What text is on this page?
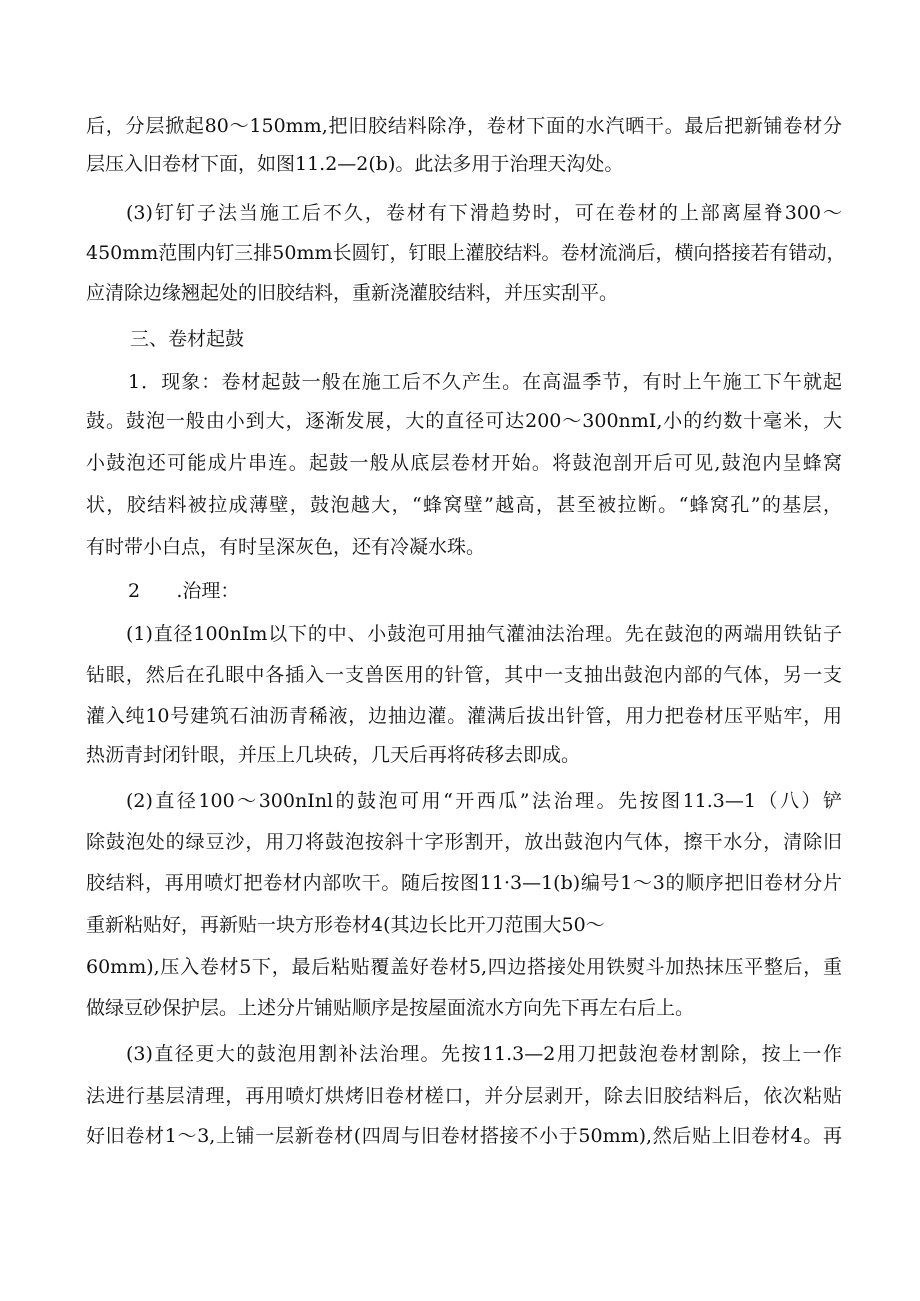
后，分层掀起80～150mm,把旧胶结料除净，卷材下面的水汽晒干。最后把新铺卷材分
层压入旧卷材下面，如图11.2—2(b)。此法多用于治理天沟处。
(3)钉钉子法当施工后不久，卷材有下滑趋势时，可在卷材的上部离屋脊300～
450mm范围内钉三排50mm长圆钉，钉眼上灌胶结料。卷材流淌后，横向搭接若有错动，
应清除边缘翘起处的旧胶结料，重新浇灌胶结料，并压实刮平。
三、卷材起鼓
1．现象：卷材起鼓一般在施工后不久产生。在高温季节，有时上午施工下午就起
鼓。鼓泡一般由小到大，逐渐发展，大的直径可达200～300nmI,小的约数十毫米，大
小鼓泡还可能成片串连。起鼓一般从底层卷材开始。将鼓泡剖开后可见,鼓泡内呈蜂窝
状，胶结料被拉成薄壁，鼓泡越大，“蜂窝壁”越高，甚至被拉断。“蜂窝孔”的基层，
有时带小白点，有时呈深灰色，还有冷凝水珠。
2      .治理：
(1)直径100nIm以下的中、小鼓泡可用抽气灌油法治理。先在鼓泡的两端用铁钻子
钻眼，然后在孔眼中各插入一支兽医用的针管，其中一支抽出鼓泡内部的气体，另一支
灌入纯10号建筑石油沥青稀液，边抽边灌。灌满后拔出针管，用力把卷材压平贴牢，用
热沥青封闭针眼，并压上几块砖，几天后再将砖移去即成。
(2)直径100～300nInl的鼓泡可用“开西瓜”法治理。先按图11.3—1（八）铲
除鼓泡处的绿豆沙，用刀将鼓泡按斜十字形割开，放出鼓泡内气体，擦干水分，清除旧
胶结料，再用喷灯把卷材内部吹干。随后按图11·3—1(b)编号1～3的顺序把旧卷材分片
重新粘贴好，再新贴一块方形卷材4(其边长比开刀范围大50～
60mm),压入卷材5下，最后粘贴覆盖好卷材5,四边搭接处用铁熨斗加热抹压平整后，重
做绿豆砂保护层。上述分片铺贴顺序是按屋面流水方向先下再左右后上。
(3)直径更大的鼓泡用割补法治理。先按11.3—2用刀把鼓泡卷材割除，按上一作
法进行基层清理，再用喷灯烘烤旧卷材槎口，并分层剥开，除去旧胶结料后，依次粘贴
好旧卷材1～3,上铺一层新卷材(四周与旧卷材搭接不小于50mm),然后贴上旧卷材4。再
